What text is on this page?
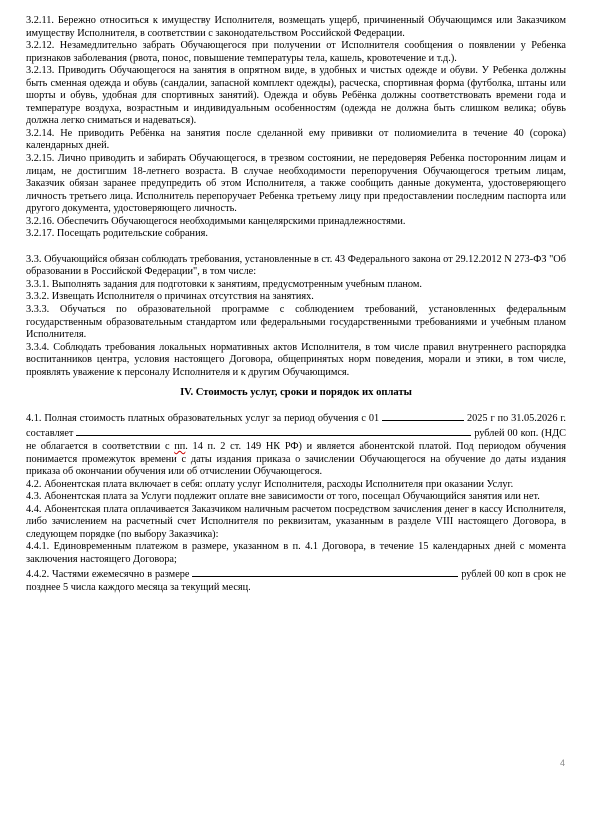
3.2.11. Бережно относиться к имуществу Исполнителя, возмещать ущерб, причиненный Обучающимся или Заказчиком имуществу Исполнителя, в соответствии с законодательством Российской Федерации.

3.2.12. Незамедлительно забрать Обучающегося при получении от Исполнителя сообщения о появлении у Ребенка признаков заболевания (рвота, понос, повышение температуры тела, кашель, кровотечение и т.д.).

3.2.13. Приводить Обучающегося на занятия в опрятном виде, в удобных и чистых одежде и обуви. У Ребенка должны быть сменная одежда и обувь (сандалии, запасной комплект одежды), расческа, спортивная форма (футболка, штаны или шорты и обувь, удобная для спортивных занятий). Одежда и обувь Ребёнка должны соответствовать времени года и температуре воздуха, возрастным и индивидуальным особенностям (одежда не должна быть слишком велика; обувь должна легко сниматься и надеваться).

3.2.14. Не приводить Ребёнка на занятия после сделанной ему прививки от полиомиелита в течение 40 (сорока) календарных дней.

3.2.15. Лично приводить и забирать Обучающегося, в трезвом состоянии, не передоверяя Ребенка посторонним лицам и лицам, не достигшим 18-летнего возраста. В случае необходимости перепоручения Обучающегося третьим лицам, Заказчик обязан заранее предупредить об этом Исполнителя, а также сообщить данные документа, удостоверяющего личность третьего лица. Исполнитель перепоручает Ребенка третьему лицу при предоставлении последним паспорта или другого документа, удостоверяющего личность.

3.2.16. Обеспечить Обучающегося необходимыми канцелярскими принадлежностями.

3.2.17. Посещать родительские собрания.

3.3. Обучающийся обязан соблюдать требования, установленные в ст. 43 Федерального закона от 29.12.2012 N 273-ФЗ "Об образовании в Российской Федерации", в том числе:

3.3.1. Выполнять задания для подготовки к занятиям, предусмотренным учебным планом.

3.3.2. Извещать Исполнителя о причинах отсутствия на занятиях.

3.3.3. Обучаться по образовательной программе с соблюдением требований, установленных федеральным государственным образовательным стандартом или федеральными государственными требованиями и учебным планом Исполнителя.

3.3.4. Соблюдать требования локальных нормативных актов Исполнителя, в том числе правил внутреннего распорядка воспитанников центра, условия настоящего Договора, общепринятых норм поведения, морали и этики, в том числе, проявлять уважение к персоналу Исполнителя и к другим Обучающимся.

IV. Стоимость услуг, сроки и порядок их оплаты

4.1. Полная стоимость платных образовательных услуг за период обучения с 01	2025 г по 31.05.2026 г. составляет	рублей 00 коп. (НДС не облагается в соответствии с пп. 14 п. 2 ст. 149 НК РФ) и является абонентской платой. Под периодом обучения понимается промежуток времени с даты издания приказа о зачислении Обучающегося на обучение до даты издания приказа об окончании обучения или об отчислении Обучающегося.

4.2. Абонентская плата включает в себя: оплату услуг Исполнителя, расходы Исполнителя при оказании Услуг.

4.3. Абонентская плата за Услуги подлежит оплате вне зависимости от того, посещал Обучающийся занятия или нет.

4.4. Абонентская плата оплачивается Заказчиком наличным расчетом посредством зачисления денег в кассу Исполнителя, либо зачислением на расчетный счет Исполнителя по реквизитам, указанным в разделе VIII настоящего Договора, в следующем порядке (по выбору Заказчика):

4.4.1. Единовременным платежом в размере, указанном в п. 4.1 Договора, в течение 15 календарных дней с момента заключения настоящего Договора;

4.4.2. Частями ежемесячно в размере	рублей 00 коп в срок не позднее 5 числа каждого месяца за текущий месяц.

4
